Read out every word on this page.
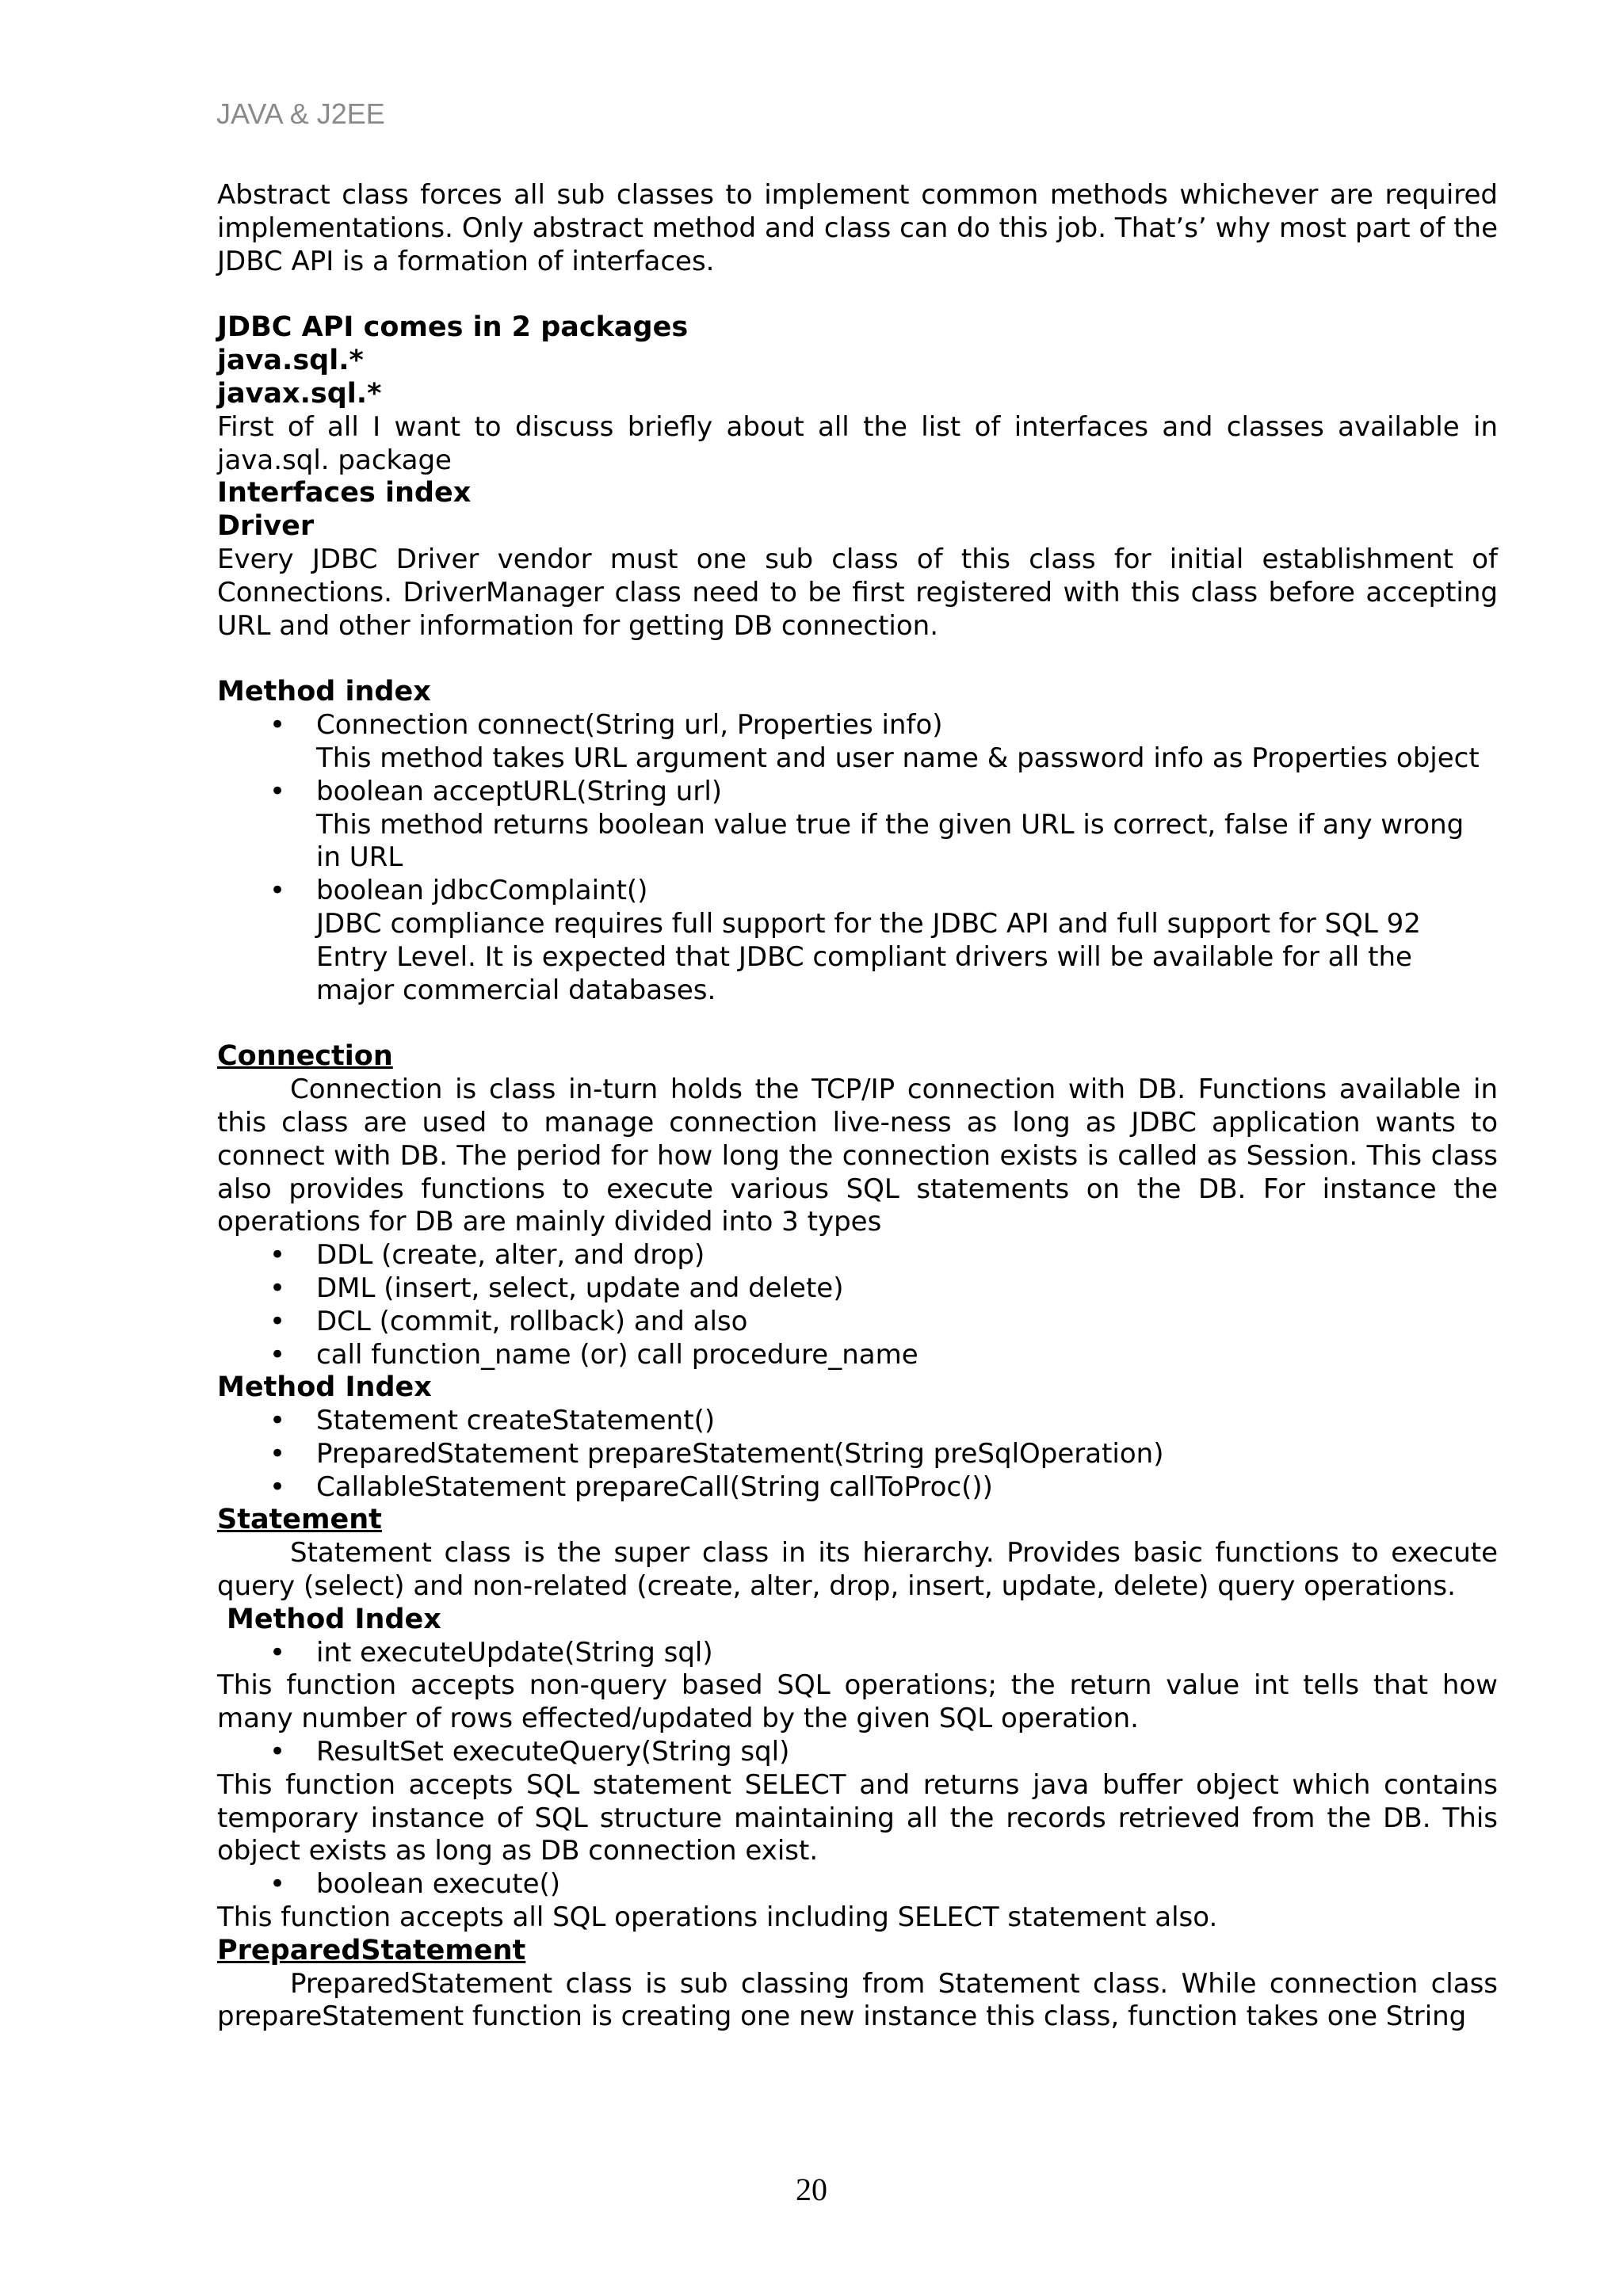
JAVA & J2EE

Abstract class forces all sub classes to implement common methods whichever are required implementations. Only abstract method and class can do this job. That’s’ why most part of the JDBC API is a formation of interfaces.

JDBC API comes in 2 packages
java.sql.*
javax.sql.*

First of all I want to discuss briefly about all the list of interfaces and classes available in java.sql. package

Interfaces index
Driver

Every JDBC Driver vendor must one sub class of this class for initial establishment of Connections. DriverManager class need to be first registered with this class before accepting URL and other information for getting DB connection.

Method index
• Connection connect(String url, Properties info)
This method takes URL argument and user name & password info as Properties object
• boolean acceptURL(String url)
This method returns boolean value true if the given URL is correct, false if any wrong in URL
• boolean jdbcComplaint()
JDBC compliance requires full support for the JDBC API and full support for SQL 92 Entry Level. It is expected that JDBC compliant drivers will be available for all the major commercial databases.
Connection

Connection is class in-turn holds the TCP/IP connection with DB. Functions available in this class are used to manage connection live-ness as long as JDBC application wants to connect with DB. The period for how long the connection exists is called as Session. This class also provides functions to execute various SQL statements on the DB. For instance the operations for DB are mainly divided into 3 types

• DDL (create, alter, and drop)
• DML (insert, select, update and delete)
• DCL (commit, rollback) and also
• call function_name (or) call procedure_name
Method Index
• Statement createStatement()
• PreparedStatement prepareStatement(String preSqlOperation)
• CallableStatement prepareCall(String callToProc())
Statement

Statement class is the super class in its hierarchy. Provides basic functions to execute query (select) and non-related (create, alter, drop, insert, update, delete) query operations.

Method Index
• int executeUpdate(String sql)

This function accepts non-query based SQL operations; the return value int tells that how many number of rows effected/updated by the given SQL operation.

• ResultSet executeQuery(String sql)

This function accepts SQL statement SELECT and returns java buffer object which contains temporary instance of SQL structure maintaining all the records retrieved from the DB. This object exists as long as DB connection exist.

• boolean execute()

This function accepts all SQL operations including SELECT statement also.

PreparedStatement

PreparedStatement class is sub classing from Statement class. While connection class prepareStatement function is creating one new instance this class, function takes one String

20
